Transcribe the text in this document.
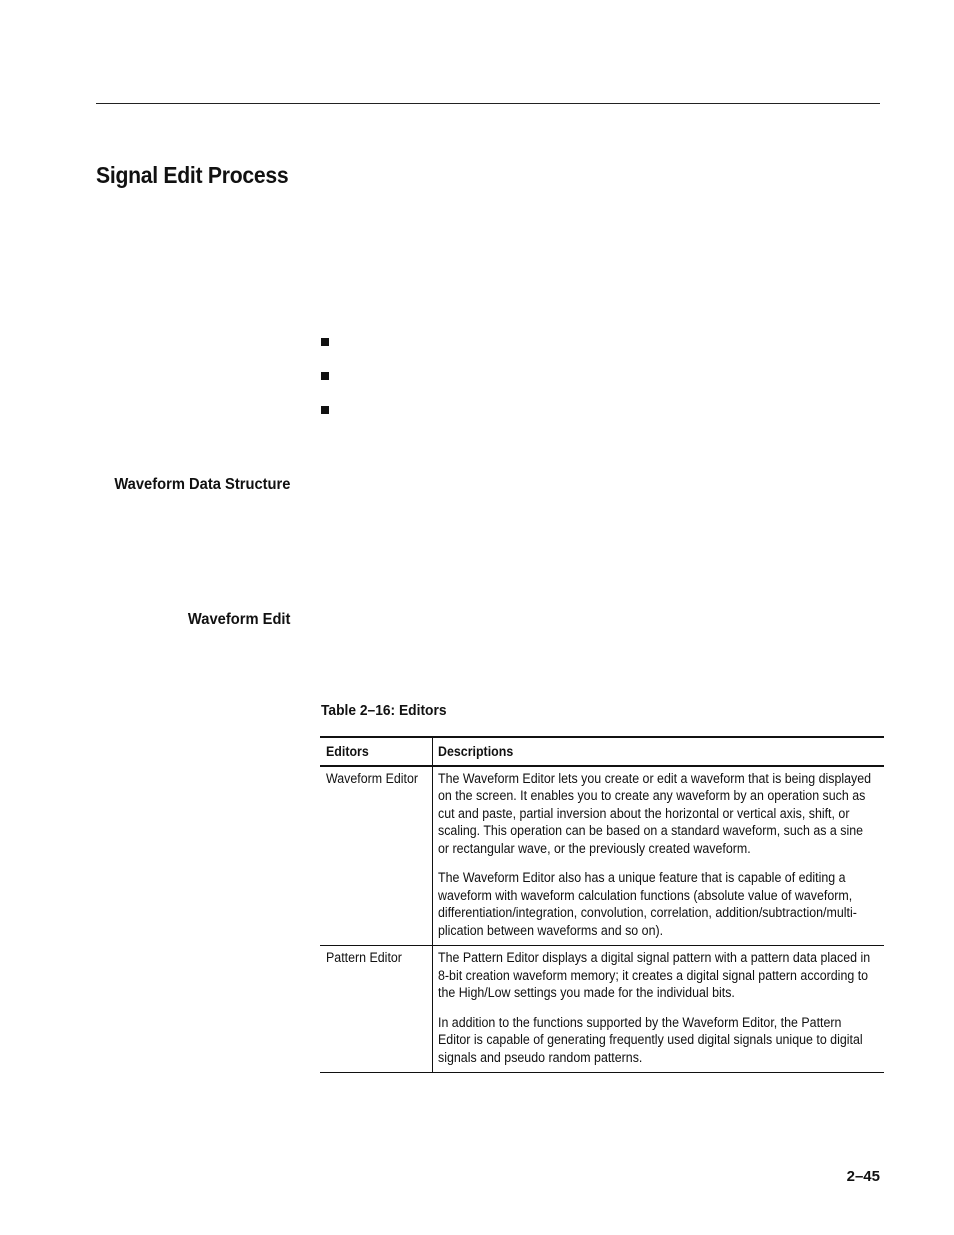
Signal Edit Process
Waveform Data Structure
Waveform Edit

Table 2–16: Editors

Editors	Descriptions

Waveform Editor	The Waveform Editor lets you create or edit a waveform that is being displayed on the screen. It enables you to create any waveform by an operation such as cut and paste, partial inversion about the horizontal or vertical axis, shift, or scaling. This operation can be based on a standard waveform, such as a sine or rectangular wave, or the previously created waveform.

The Waveform Editor also has a unique feature that is capable of editing a waveform with waveform calculation functions (absolute value of waveform, differentiation/integration, convolution, correlation, addition/subtraction/multi-plication between waveforms and so on).

Pattern Editor	The Pattern Editor displays a digital signal pattern with a pattern data placed in 8-bit creation waveform memory; it creates a digital signal pattern according to the High/Low settings you made for the individual bits.

In addition to the functions supported by the Waveform Editor, the Pattern Editor is capable of generating frequently used digital signals unique to digital signals and pseudo random patterns.

2–45
